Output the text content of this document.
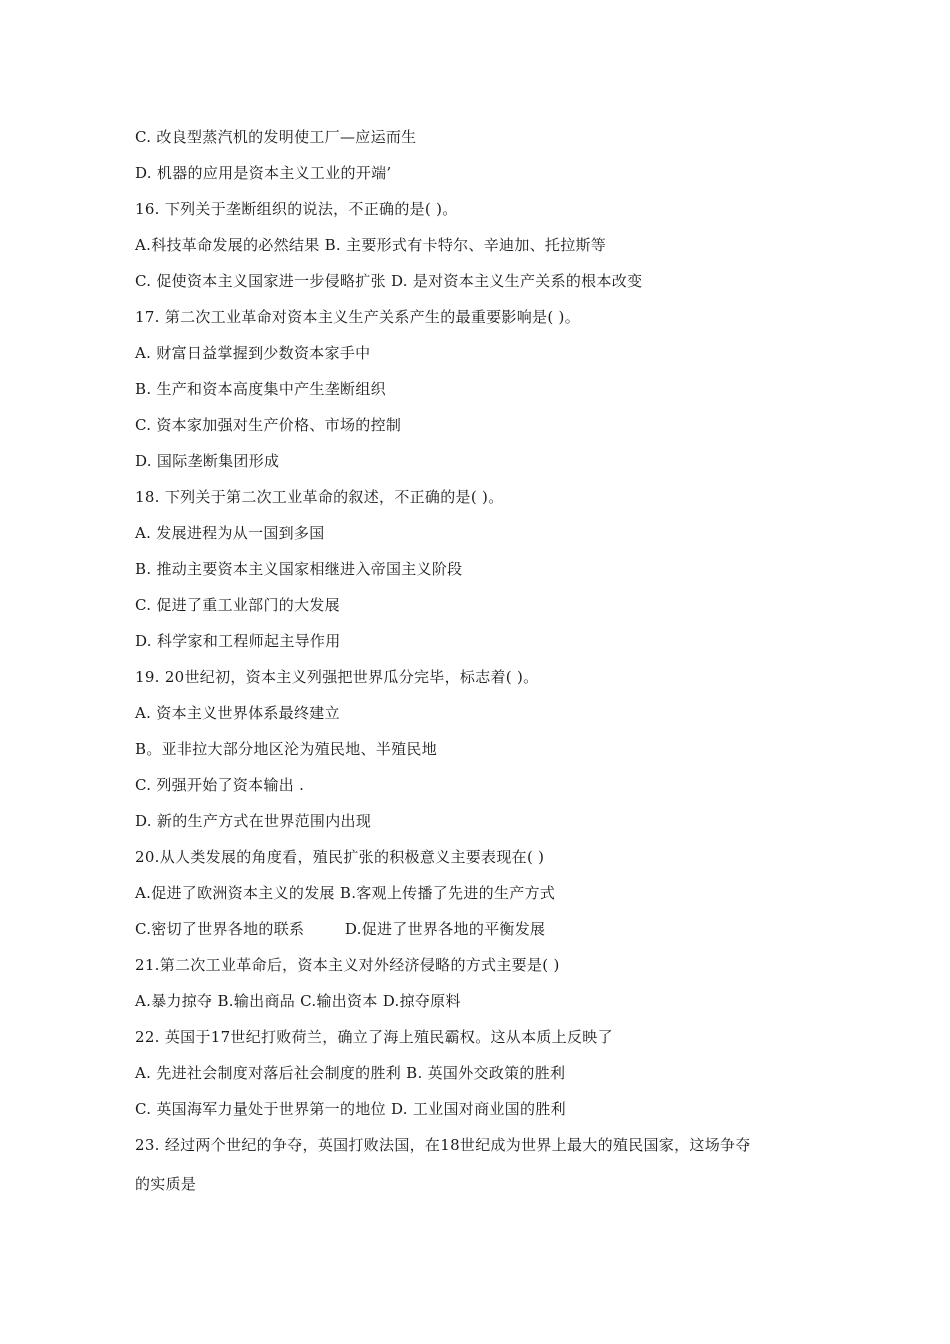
C. 改良型蒸汽机的发明使工厂—应运而生
D. 机器的应用是资本主义工业的开端’
16. 下列关于垄断组织的说法，不正确的是( )。
A.科技革命发展的必然结果 B. 主要形式有卡特尔、辛迪加、托拉斯等
C. 促使资本主义国家进一步侵略扩张 D. 是对资本主义生产关系的根本改变
17. 第二次工业革命对资本主义生产关系产生的最重要影响是( )。
A. 财富日益掌握到少数资本家手中
B. 生产和资本高度集中产生垄断组织
C. 资本家加强对生产价格、市场的控制
D. 国际垄断集团形成
18. 下列关于第二次工业革命的叙述，不正确的是( )。
A. 发展进程为从一国到多国
B. 推动主要资本主义国家相继进入帝国主义阶段
C. 促进了重工业部门的大发展
D. 科学家和工程师起主导作用
19. 20世纪初，资本主义列强把世界瓜分完毕，标志着( )。
A. 资本主义世界体系最终建立
B。亚非拉大部分地区沦为殖民地、半殖民地
C. 列强开始了资本输出 .
D. 新的生产方式在世界范围内出现
20.从人类发展的角度看，殖民扩张的积极意义主要表现在( )
A.促进了欧洲资本主义的发展 B.客观上传播了先进的生产方式
C.密切了世界各地的联系        D.促进了世界各地的平衡发展
21.第二次工业革命后，资本主义对外经济侵略的方式主要是( )
A.暴力掠夺 B.输出商品 C.输出资本 D.掠夺原料
22. 英国于17世纪打败荷兰，确立了海上殖民霸权。这从本质上反映了
A. 先进社会制度对落后社会制度的胜利 B. 英国外交政策的胜利
C. 英国海军力量处于世界第一的地位 D. 工业国对商业国的胜利
23. 经过两个世纪的争夺，英国打败法国，在18世纪成为世界上最大的殖民国家，这场争夺
的实质是
